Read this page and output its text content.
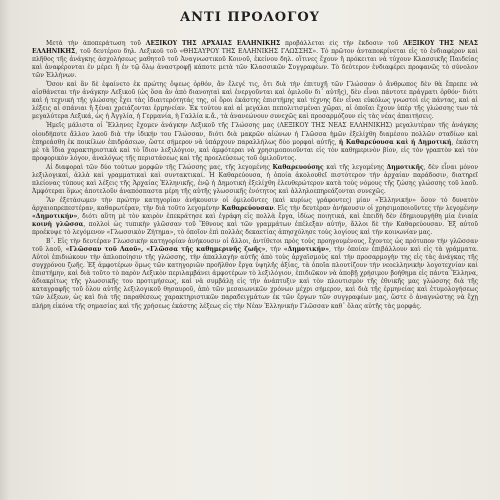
ΑΝΤΙ ΠΡΟΛΟΓΟΥ

Μετά τὴν ἀποπεράτωση τοῦ ΛΕΞΙΚΟΥ ΤΗΣ ΑΡΧΑΙΑΣ ΕΛΛΗΝΙΚΗΣ προβάλλεται εἰς τὴν ἔκδοσιν τοῦ ΛΕΞΙΚΟΥ ΤΗΣ ΝΕΑΣ ΕΛΛΗΝΙΚΗΣ, τοῦ δευτέρου δηλ. Λεξικοῦ τοῦ «ΘΗΣΑΥΡΟΥ ΤΗΣ ΕΛΛΗΝΙΚΗΣ ΓΛΩΣΣΗΣ». Τὸ πρῶτον ἀνταποκρίνεται εἰς τὸ ἐνδιαφέρον καὶ πλῆθος τῆς ἀνάγκης ἀσχολήσεως μαθητοῦ τοῦ Ἀναγνωστικοῦ Κοινοῦ, ἐκείνου δηλ. οἵτινες ἔχουν ἢ πρόκειται νὰ τύχουν Κλασσικῆς Παιδείας καὶ ἀναφέρονται ἐν μέρει ἢ ἐν τῷ ὅλῳ ἀναστροφῇ κάποτε μετὰ τῶν Κλασσικῶν Συγγραφέων. Τὸ δεύτερον ἐνδιαφέρει προφανῶς τὸ σύνολον τῶν Ἑλλήνων.

Ὅσον καὶ ἂν δὲ ἐφαίνετο ἐκ πρώτης ὄψεως ὀρθόν, ἂν ἔλεγέ τις, ὅτι διὰ τὴν ἐπιτυχῆ τῶν Γλώσσαν ὁ ἄνθρωπος δὲν θὰ ἔπρεπε νὰ αἰσθάνεται τὴν ἀνάγκην Λεξικοῦ (ὡς ὅσα ἂν ἀπὸ διανοηταὶ καὶ ἐνεργοῦνται καὶ ὀμιλοῦν δι᾽ αὐτῆς), δὲν εἶναι πάντοτε πράγματι ὀρθόν· διότι καὶ ἡ τεχνικὴ τῆς γλώσσης ἔχει τὰς ἰδιαιτερότητάς της, οἱ ὅροι ἑκάστης ἐπιστήμης καὶ τέχνης δὲν εἶναι εὐκόλως γνωστοὶ εἰς πάντας, καὶ αἱ λέξεις αἱ σπάνιαι ἢ ξέναι χρειάζονται ἑρμηνείαν. Ἐκ τούτου καὶ αἱ μεγάλαι πεπολιτισμέναι χῶραι, αἱ ὁποῖαι ἔχουν ὑπὲρ τῆς γλώσσης των τὰ μεγαλύτερα Λεξικά, ὡς ἡ Ἀγγλία, ἡ Γερμανία, ἡ Γαλλία κ.ἄ., τὰ ἀνανεώνουν συνεχῶς καὶ προσαρμόζουν εἰς τὰς νέας ἀπαιτήσεις.

Ἡμεῖς μάλιστα οἱ Ἕλληνες ἔχομεν ἀνάγκην Λεξικοῦ τῆς Γλώσσης μας (ΛΕΞΙΚΟΥ ΤΗΣ ΝΕΑΣ ΕΛΛΗΝΙΚΗΣ) μεγαλυτέραν τῆς ἀνάγκης οἱουδήποτε ἄλλου λαοῦ διὰ τὴν ἰδικήν του Γλώσσαν, διότι διὰ μακρῶν αἰώνων ἡ Γλῶσσα ἡμῶν ἐξελίχθη διαμέσου πολλῶν σταδίων καὶ ἐπηρεάσθη ἐκ ποικίλων ἐπιδράσεων, ὥστε σήμερον νὰ ὑπάρχουν παραλλήλως δύο μορφαὶ αὐτῆς, ἡ Καθαρεύουσα καὶ ἡ Δημοτική, ἐκάστη μὲ τὰ ἴδια χαρακτηριστικὰ καὶ τὸ ἴδιον λεξιλόγιον, καὶ ἀμφότεραι νὰ χρησιμοποιοῦνται εἰς τὸν καθημερινὸν βίον, εἰς τὸν γραπτὸν καὶ τὸν προφορικὸν λόγον, ἀναλόγως τῆς περιστάσεως καὶ τῆς προελεύσεως τοῦ ὁμιλοῦντος.

Αἱ διαφοραὶ τῶν δύο τούτων μορφῶν τῆς Γλώσσης μας, τῆς λεγομένης Καθαρευούσης καὶ τῆς λεγομένης Δημοτικῆς, δὲν εἶναι μόνον λεξιλογικαί, ἀλλὰ καὶ γραμματικαὶ καὶ συντακτικαί. Ἡ Καθαρεύουσα, ἡ ὁποία ἀκολουθεῖ πιστότερον τὴν ἀρχαίαν παράδοσιν, διατηρεῖ πλείονας τύπους καὶ λέξεις τῆς Ἀρχαίας Ἑλληνικῆς, ἐνῷ ἡ Δημοτικὴ ἐξελίχθη ἐλευθερώτερον κατὰ τοὺς νόμους τῆς ζώσης γλώσσης τοῦ λαοῦ. Ἀμφότεραι ὅμως ἀποτελοῦν ἀναπόσπαστα μέρη τῆς αὐτῆς γλωσσικῆς ἑνότητος καὶ ἀλληλοεπηρεάζονται συνεχῶς.

Ἂν ἐξετάσωμεν τὴν πρώτην κατηγορίαν ἀνήκουσιν οἱ ὁμιλοῦντες (καὶ κυρίως γράφοντες) μίαν «Ἑλληνικήν» ὅσον τὸ δυνατὸν ἀρχαιοπρεπεστέραν, καθαρωτέραν, τὴν διὰ τοῦτο λεγομένην Καθαρεύουσαν. Εἰς τὴν δευτέραν ἀνήκουσιν οἱ χρησιμοποιοῦντες τὴν λεγομένην «Δημοτικήν», διότι αὕτη μὲ τὸν καιρὸν ἐπεκράτησε καὶ ἐγράφη εἰς πολλὰ ἔργα, ἰδίως ποιητικά, καὶ ἐπειδὴ δὲν ἐδημιουργήθη μία ἐνιαία κοινὴ γλῶσσα, πολλοὶ ὡς τυπικὴν γλῶσσαν τοῦ Ἔθνους καὶ τῶν γραμμάτων ἐπέλεξαν αὐτήν, ἄλλοι δὲ τὴν Καθαρεύουσαν. Ἐξ αὐτοῦ προέκυψε τὸ λεγόμενον «Γλωσσικὸν Ζήτημα», τὸ ὁποῖον ἐπὶ πολλὰς δεκαετίας ἀπησχόλησε τοὺς λογίους καὶ τὴν κοινωνίαν μας.

Β᾽. Εἰς τὴν δευτέραν Γλωσσικὴν κατηγορίαν ἀνήκουσιν οἱ ἄλλοι, ἀντίθετοι πρὸς τοὺς προηγουμένους, ἔχοντες ὡς πρότυπον τὴν γλῶσσαν τοῦ λαοῦ, «Γλῶσσαν τοῦ Λαοῦ», «Γλῶσσα τῆς καθημερινῆς ζωῆς», τὴν «Δημοτικήν», τὴν ὁποίαν ἐπιβάλλουν καὶ εἰς τὰ γράμματα. Αὐτοὶ ἐπιδιώκουν τὴν ἁπλοποίησιν τῆς γλώσσης, τὴν ἀπαλλαγὴν αὐτῆς ἀπὸ τοὺς ἀρχαϊσμοὺς καὶ τὴν προσαρμογὴν της εἰς τὰς ἀνάγκας τῆς συγχρόνου ζωῆς. Ἐξ ἀμφοτέρων ὅμως τῶν κατηγοριῶν προῆλθον ἔργα ὑψηλῆς ἀξίας, τὰ ὁποῖα πλουτίζουν τὴν νεοελληνικὴν λογοτεχνίαν καὶ ἐπιστήμην, καὶ διὰ τοῦτο τὸ παρὸν Λεξικὸν περιλαμβάνει ἀμφοτέρων τὸ λεξιλόγιον, ἐπιδιῶκον νὰ ἀποβῇ χρήσιμον βοήθημα εἰς πάντα Ἕλληνα, ἀδιακρίτως τῆς γλωσσικῆς του προτιμήσεως, καὶ νὰ συμβάλῃ εἰς τὴν ἀνάπτυξιν καὶ τὸν πλουτισμὸν τῆς ἐθνικῆς μας γλώσσης διὰ τῆς καταγραφῆς τοῦ ὅλου αὐτῆς λεξιλογικοῦ θησαυροῦ, ἀπὸ τῶν μεσαιωνικῶν χρόνων μέχρι σήμερον, καὶ διὰ τῆς ἑρμηνείας καὶ ἐτυμολογήσεως τῶν λέξεων, ὡς καὶ διὰ τῆς παραθέσεως χαρακτηριστικῶν παραδειγμάτων ἐκ τῶν ἔργων τῶν συγγραφέων μας, ὥστε ὁ ἀναγνώστης νὰ ἔχῃ πλήρη εἰκόνα τῆς σημασίας καὶ τῆς χρήσεως ἑκάστης λέξεως εἰς τὴν Νέαν Ἑλληνικὴν Γλῶσσαν καθ᾽ ὅλας αὐτῆς τὰς μορφάς.
